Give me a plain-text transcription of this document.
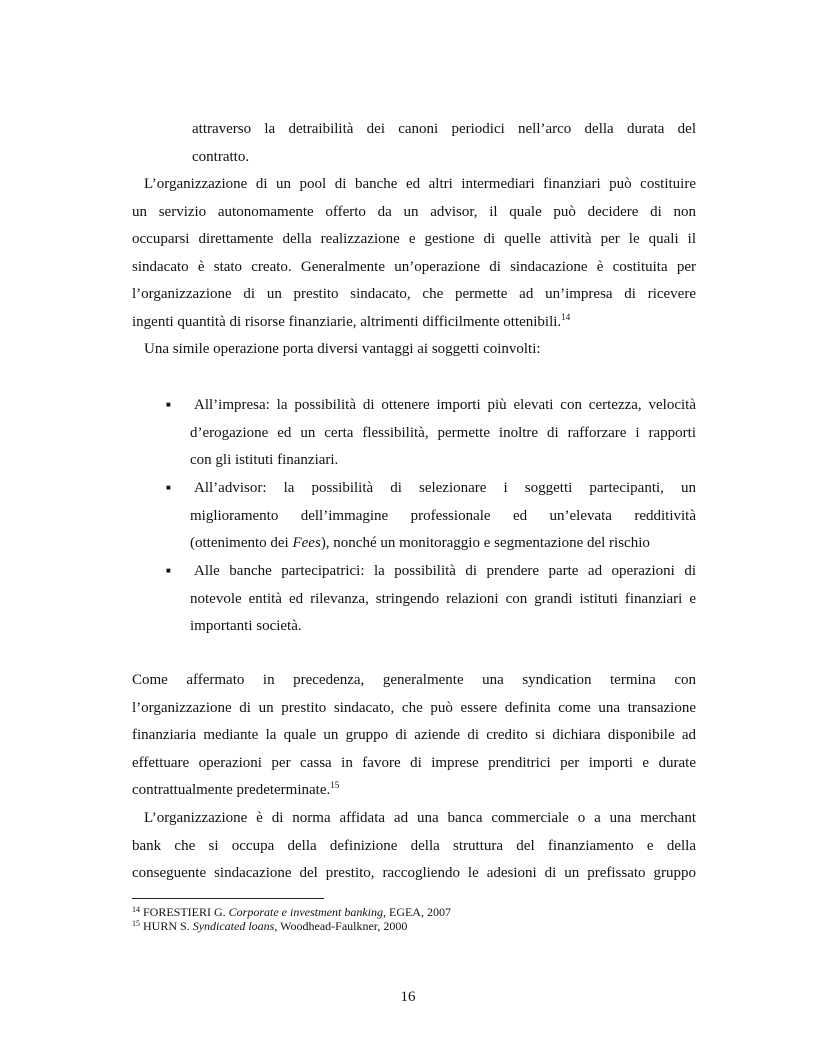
attraverso la detraibilità dei canoni periodici nell’arco della durata del
contratto.
L’organizzazione di un pool di banche ed altri intermediari finanziari può costituire
un servizio autonomamente offerto da un advisor, il quale può decidere di non
occuparsi direttamente della realizzazione e gestione di quelle attività per le quali il
sindacato è stato creato. Generalmente un’operazione di sindacazione è costituita per
l’organizzazione di un prestito sindacato, che permette ad un’impresa di ricevere
ingenti quantità di risorse finanziarie, altrimenti difficilmente ottenibili.$^{14}$
Una simile operazione porta diversi vantaggi ai soggetti coinvolti:
■	All’impresa: la possibilità di ottenere importi più elevati con certezza, velocità
d’erogazione ed un certa flessibilità, permette inoltre di rafforzare i rapporti
con gli istituti finanziari.
■	All’advisor: la possibilità di selezionare i soggetti partecipanti, un
miglioramento dell’immagine professionale ed un’elevata redditività
(ottenimento dei Fees), nonché un monitoraggio e segmentazione del rischio
■	Alle banche partecipatrici: la possibilità di prendere parte ad operazioni di
notevole entità ed rilevanza, stringendo relazioni con grandi istituti finanziari e
importanti società.
Come affermato in precedenza, generalmente una syndication termina con
l’organizzazione di un prestito sindacato, che può essere definita come una transazione
finanziaria mediante la quale un gruppo di aziende di credito si dichiara disponibile ad
effettuare operazioni per cassa in favore di imprese prenditrici per importi e durate
contrattualmente predeterminate.$^{15}$
L’organizzazione è di norma affidata ad una banca commerciale o a una merchant
bank che si occupa della definizione della struttura del finanziamento e della
conseguente sindacazione del prestito, raccogliendo le adesioni di un prefissato gruppo
$^{14}$ FORESTIERI G. Corporate e investment banking, EGEA, 2007
$^{15}$ HURN S. Syndicated loans, Woodhead-Faulkner, 2000
16
